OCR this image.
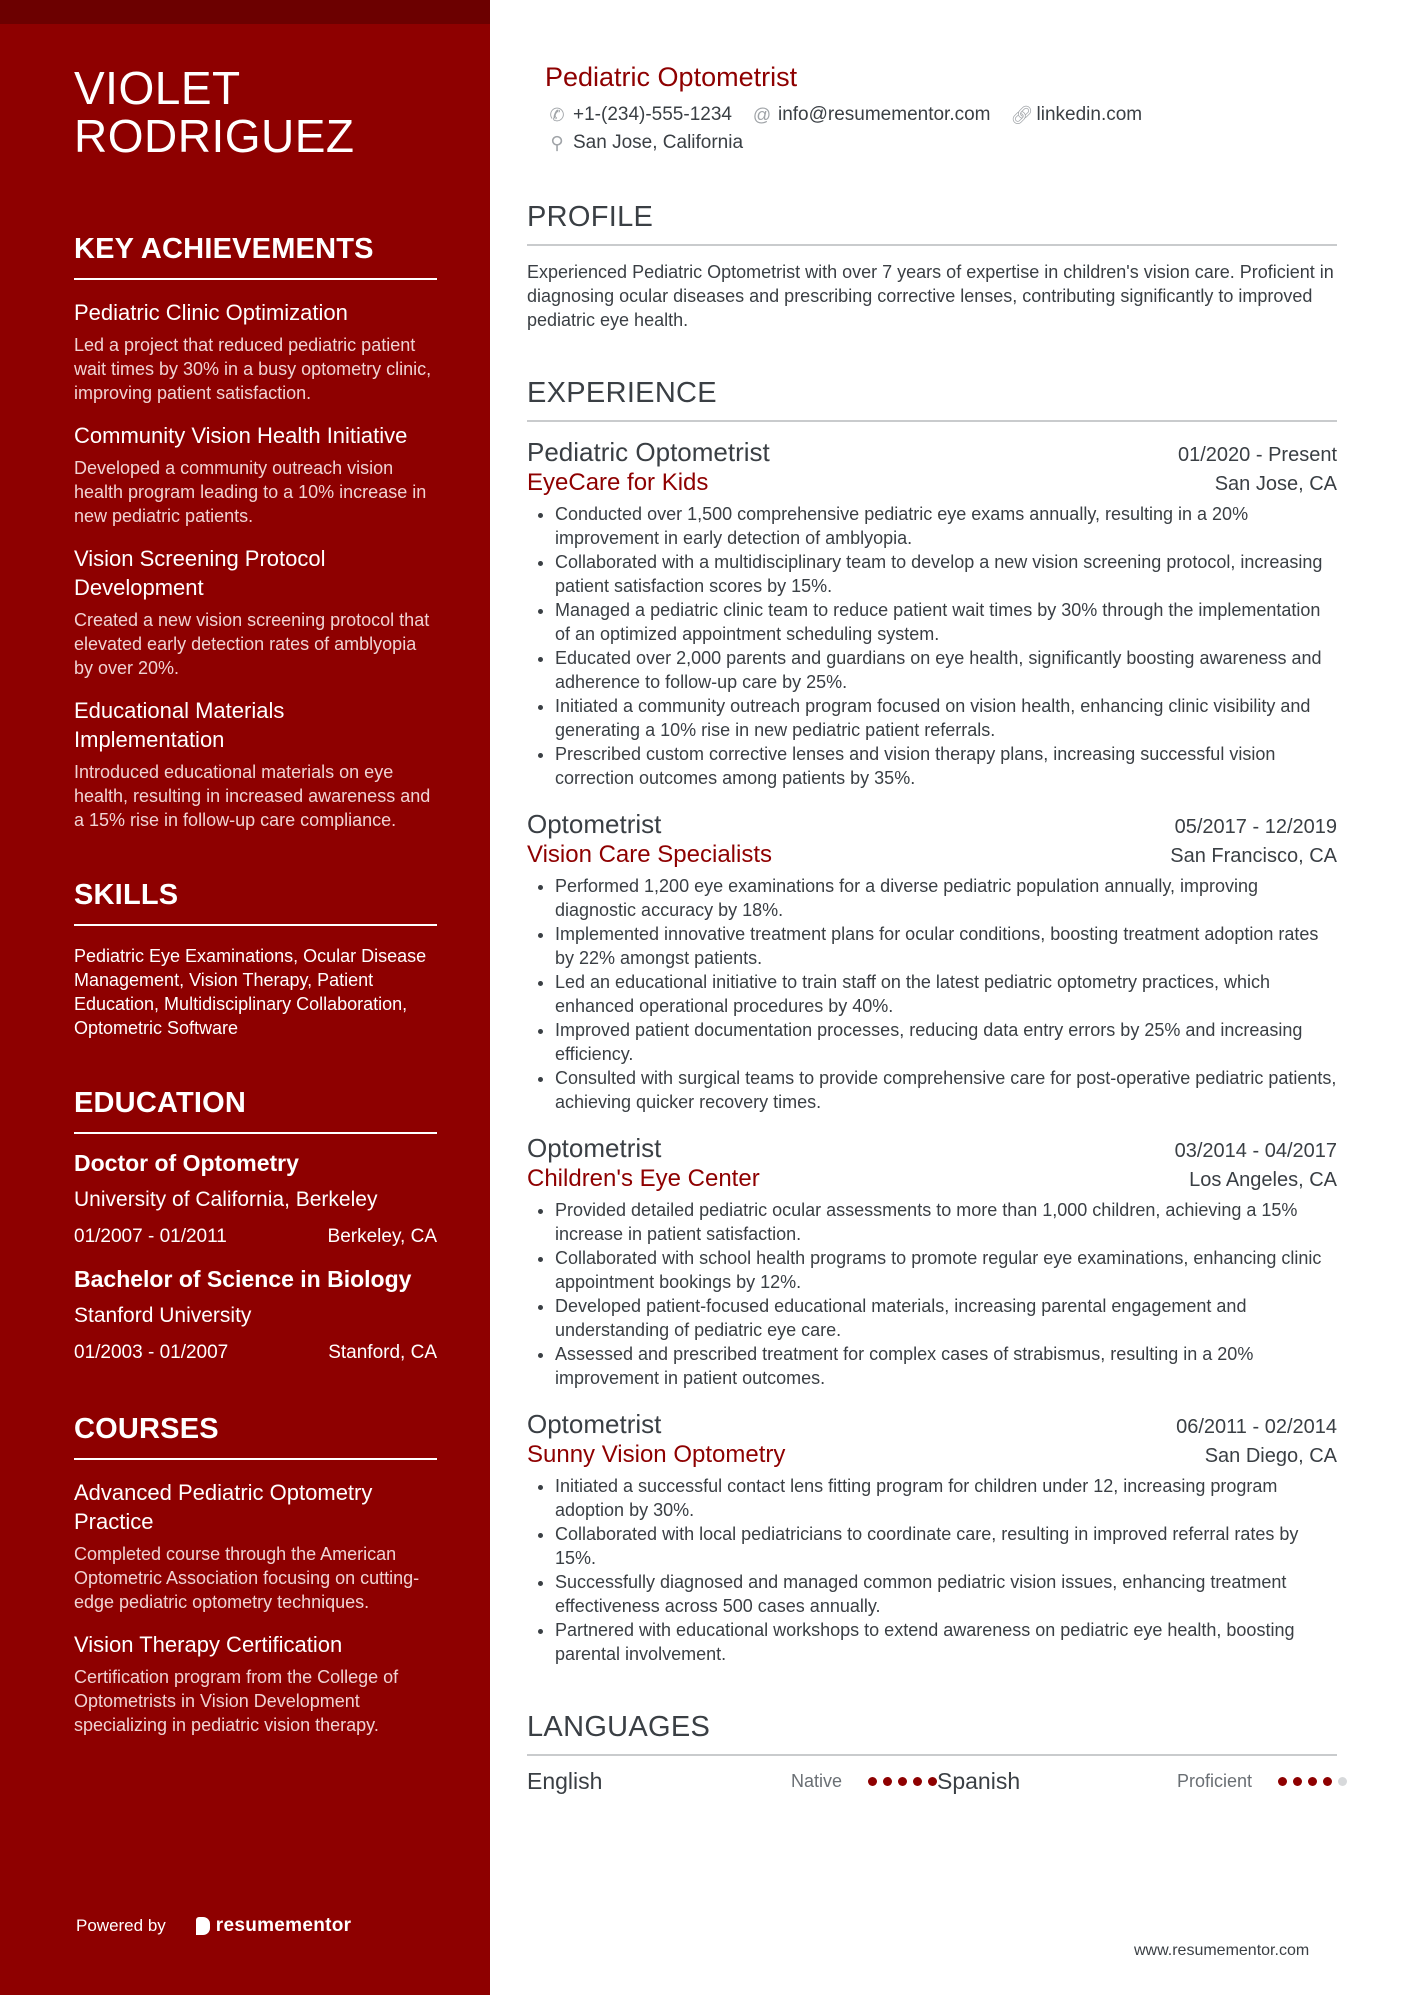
VIOLET
RODRIGUEZ
KEY ACHIEVEMENTS
Pediatric Clinic Optimization
Led a project that reduced pediatric patient wait times by 30% in a busy optometry clinic, improving patient satisfaction.
Community Vision Health Initiative
Developed a community outreach vision health program leading to a 10% increase in new pediatric patients.
Vision Screening Protocol Development
Created a new vision screening protocol that elevated early detection rates of amblyopia by over 20%.
Educational Materials Implementation
Introduced educational materials on eye health, resulting in increased awareness and a 15% rise in follow-up care compliance.
SKILLS
Pediatric Eye Examinations, Ocular Disease Management, Vision Therapy, Patient Education, Multidisciplinary Collaboration, Optometric Software
EDUCATION
Doctor of Optometry
University of California, Berkeley
01/2007 - 01/2011	Berkeley, CA
Bachelor of Science in Biology
Stanford University
01/2003 - 01/2007	Stanford, CA
COURSES
Advanced Pediatric Optometry Practice
Completed course through the American Optometric Association focusing on cutting-edge pediatric optometry techniques.
Vision Therapy Certification
Certification program from the College of Optometrists in Vision Development specializing in pediatric vision therapy.
Powered by	resumementor
Pediatric Optometrist
✆ +1-(234)-555-1234 @ info@resumementor.com 🔗︎ linkedin.com
⚲ San Jose, California
PROFILE
Experienced Pediatric Optometrist with over 7 years of expertise in children's vision care. Proficient in diagnosing ocular diseases and prescribing corrective lenses, contributing significantly to improved pediatric eye health.
EXPERIENCE
Pediatric Optometrist	01/2020 - Present
EyeCare for Kids	San Jose, CA
• Conducted over 1,500 comprehensive pediatric eye exams annually, resulting in a 20% improvement in early detection of amblyopia.
• Collaborated with a multidisciplinary team to develop a new vision screening protocol, increasing patient satisfaction scores by 15%.
• Managed a pediatric clinic team to reduce patient wait times by 30% through the implementation of an optimized appointment scheduling system.
• Educated over 2,000 parents and guardians on eye health, significantly boosting awareness and adherence to follow-up care by 25%.
• Initiated a community outreach program focused on vision health, enhancing clinic visibility and generating a 10% rise in new pediatric patient referrals.
• Prescribed custom corrective lenses and vision therapy plans, increasing successful vision correction outcomes among patients by 35%.
Optometrist	05/2017 - 12/2019
Vision Care Specialists	San Francisco, CA
• Performed 1,200 eye examinations for a diverse pediatric population annually, improving diagnostic accuracy by 18%.
• Implemented innovative treatment plans for ocular conditions, boosting treatment adoption rates by 22% amongst patients.
• Led an educational initiative to train staff on the latest pediatric optometry practices, which enhanced operational procedures by 40%.
• Improved patient documentation processes, reducing data entry errors by 25% and increasing efficiency.
• Consulted with surgical teams to provide comprehensive care for post-operative pediatric patients, achieving quicker recovery times.
Optometrist	03/2014 - 04/2017
Children's Eye Center	Los Angeles, CA
• Provided detailed pediatric ocular assessments to more than 1,000 children, achieving a 15% increase in patient satisfaction.
• Collaborated with school health programs to promote regular eye examinations, enhancing clinic appointment bookings by 12%.
• Developed patient-focused educational materials, increasing parental engagement and understanding of pediatric eye care.
• Assessed and prescribed treatment for complex cases of strabismus, resulting in a 20% improvement in patient outcomes.
Optometrist	06/2011 - 02/2014
Sunny Vision Optometry	San Diego, CA
• Initiated a successful contact lens fitting program for children under 12, increasing program adoption by 30%.
• Collaborated with local pediatricians to coordinate care, resulting in improved referral rates by 15%.
• Successfully diagnosed and managed common pediatric vision issues, enhancing treatment effectiveness across 500 cases annually.
• Partnered with educational workshops to extend awareness on pediatric eye health, boosting parental involvement.
LANGUAGES
English	Native	Spanish	Proficient
www.resumementor.com
